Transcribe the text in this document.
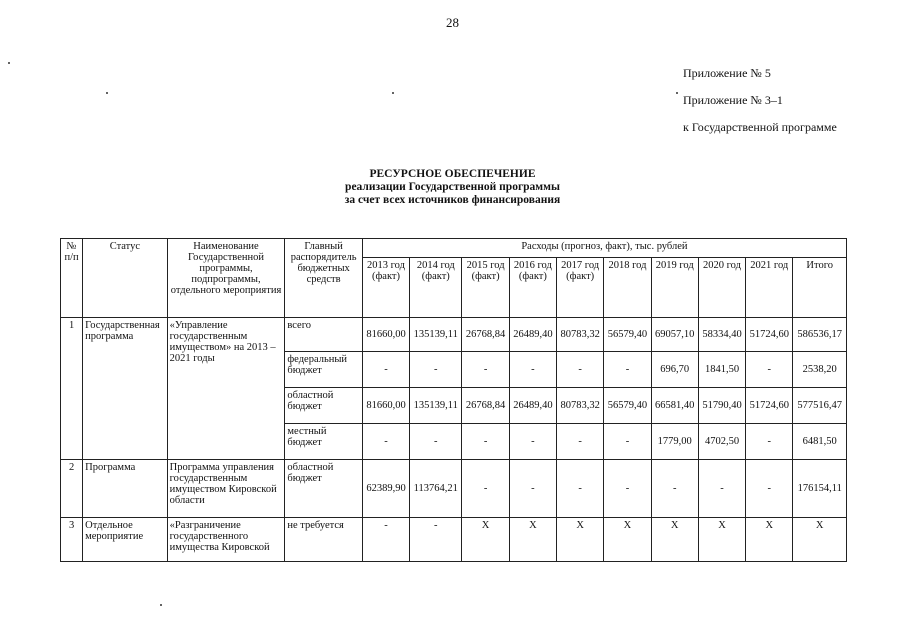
28
Приложение № 5
Приложение № 3–1
к Государственной программе
РЕСУРСНОЕ ОБЕСПЕЧЕНИЕ
реализации Государственной программы
за счет всех источников финансирования
№ п/п	Статус	Наименование Государственной программы, подпрограммы, отдельного мероприятия	Главный распорядитель бюджетных средств	Расходы (прогноз, факт), тыс. рублей									
				2013 год (факт)	2014 год (факт)	2015 год (факт)	2016 год (факт)	2017 год (факт)	2018 год	2019 год	2020 год	2021 год	Итого
1	Государственная программа	«Управление государственным имуществом» на 2013 – 2021 годы	всего	81660,00	135139,11	26768,84	26489,40	80783,32	56579,40	69057,10	58334,40	51724,60	586536,17
			федеральный бюджет	-	-	-	-	-	-	696,70	1841,50	-	2538,20
			областной бюджет	81660,00	135139,11	26768,84	26489,40	80783,32	56579,40	66581,40	51790,40	51724,60	577516,47
			местный бюджет	-	-	-	-	-	-	1779,00	4702,50	-	6481,50
2	Программа	Программа управления государственным имуществом Кировской области	областной бюджет	62389,90	113764,21	-	-	-	-	-	-	-	176154,11
3	Отдельное мероприятие	«Разграничение государственного имущества Кировской	не требуется	-	-	X	X	X	X	X	X	X	X
